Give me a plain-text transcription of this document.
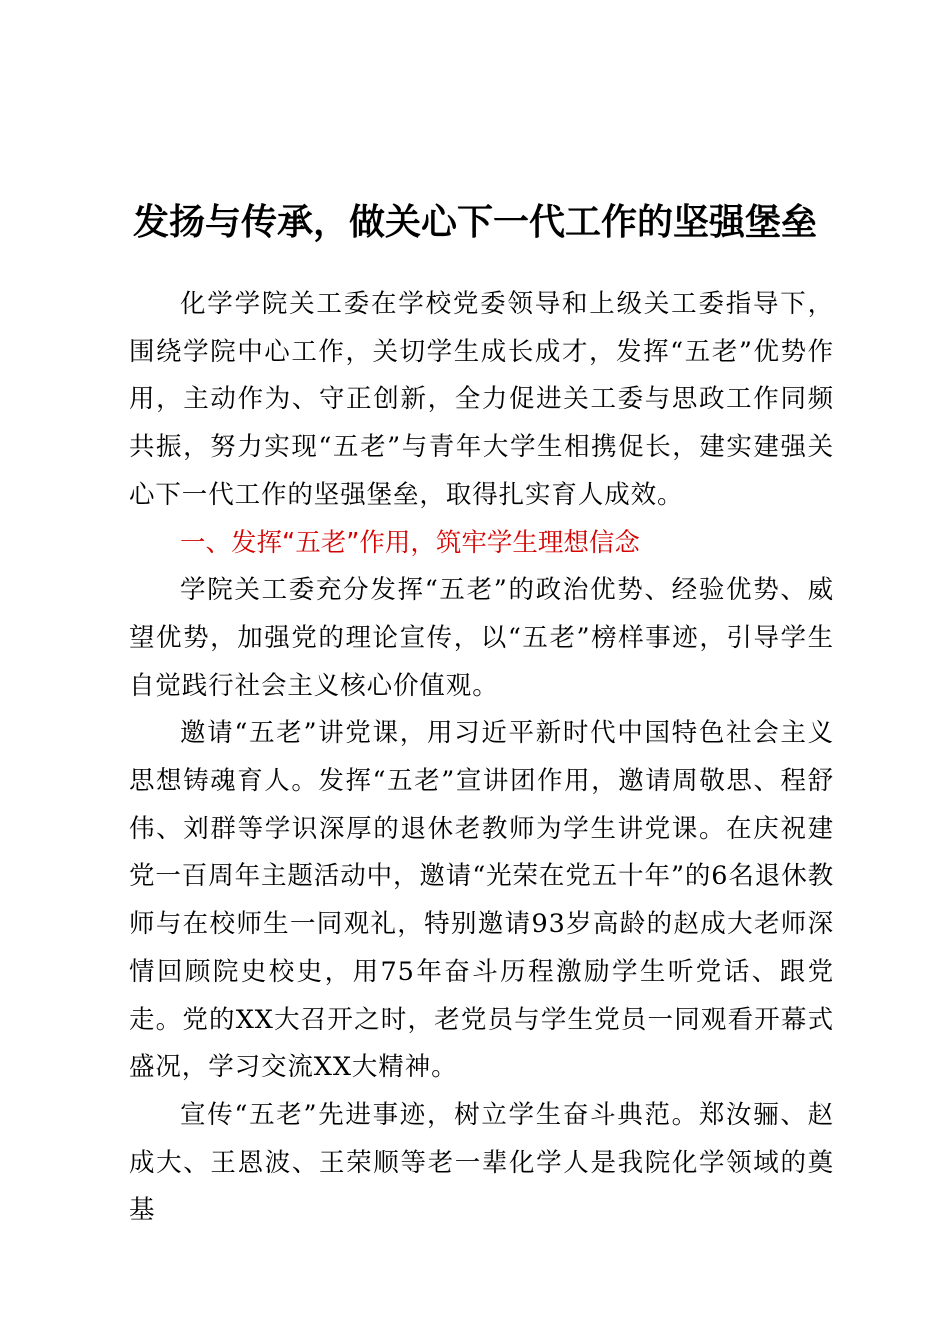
发扬与传承，做关心下一代工作的坚强堡垒

化学学院关工委在学校党委领导和上级关工委指导下，围绕学院中心工作，关切学生成长成才，发挥“五老”优势作用，主动作为、守正创新，全力促进关工委与思政工作同频共振，努力实现“五老”与青年大学生相携促长，建实建强关心下一代工作的坚强堡垒，取得扎实育人成效。

一、发挥“五老”作用，筑牢学生理想信念

学院关工委充分发挥“五老”的政治优势、经验优势、威望优势，加强党的理论宣传，以“五老”榜样事迹，引导学生自觉践行社会主义核心价值观。

邀请“五老”讲党课，用习近平新时代中国特色社会主义思想铸魂育人。发挥“五老”宣讲团作用，邀请周敬思、程舒伟、刘群等学识深厚的退休老教师为学生讲党课。在庆祝建党一百周年主题活动中，邀请“光荣在党五十年”的6名退休教师与在校师生一同观礼，特别邀请93岁高龄的赵成大老师深情回顾院史校史，用75年奋斗历程激励学生听党话、跟党走。党的XX大召开之时，老党员与学生党员一同观看开幕式盛况，学习交流XX大精神。

宣传“五老”先进事迹，树立学生奋斗典范。郑汝骊、赵成大、王恩波、王荣顺等老一辈化学人是我院化学领域的奠基
